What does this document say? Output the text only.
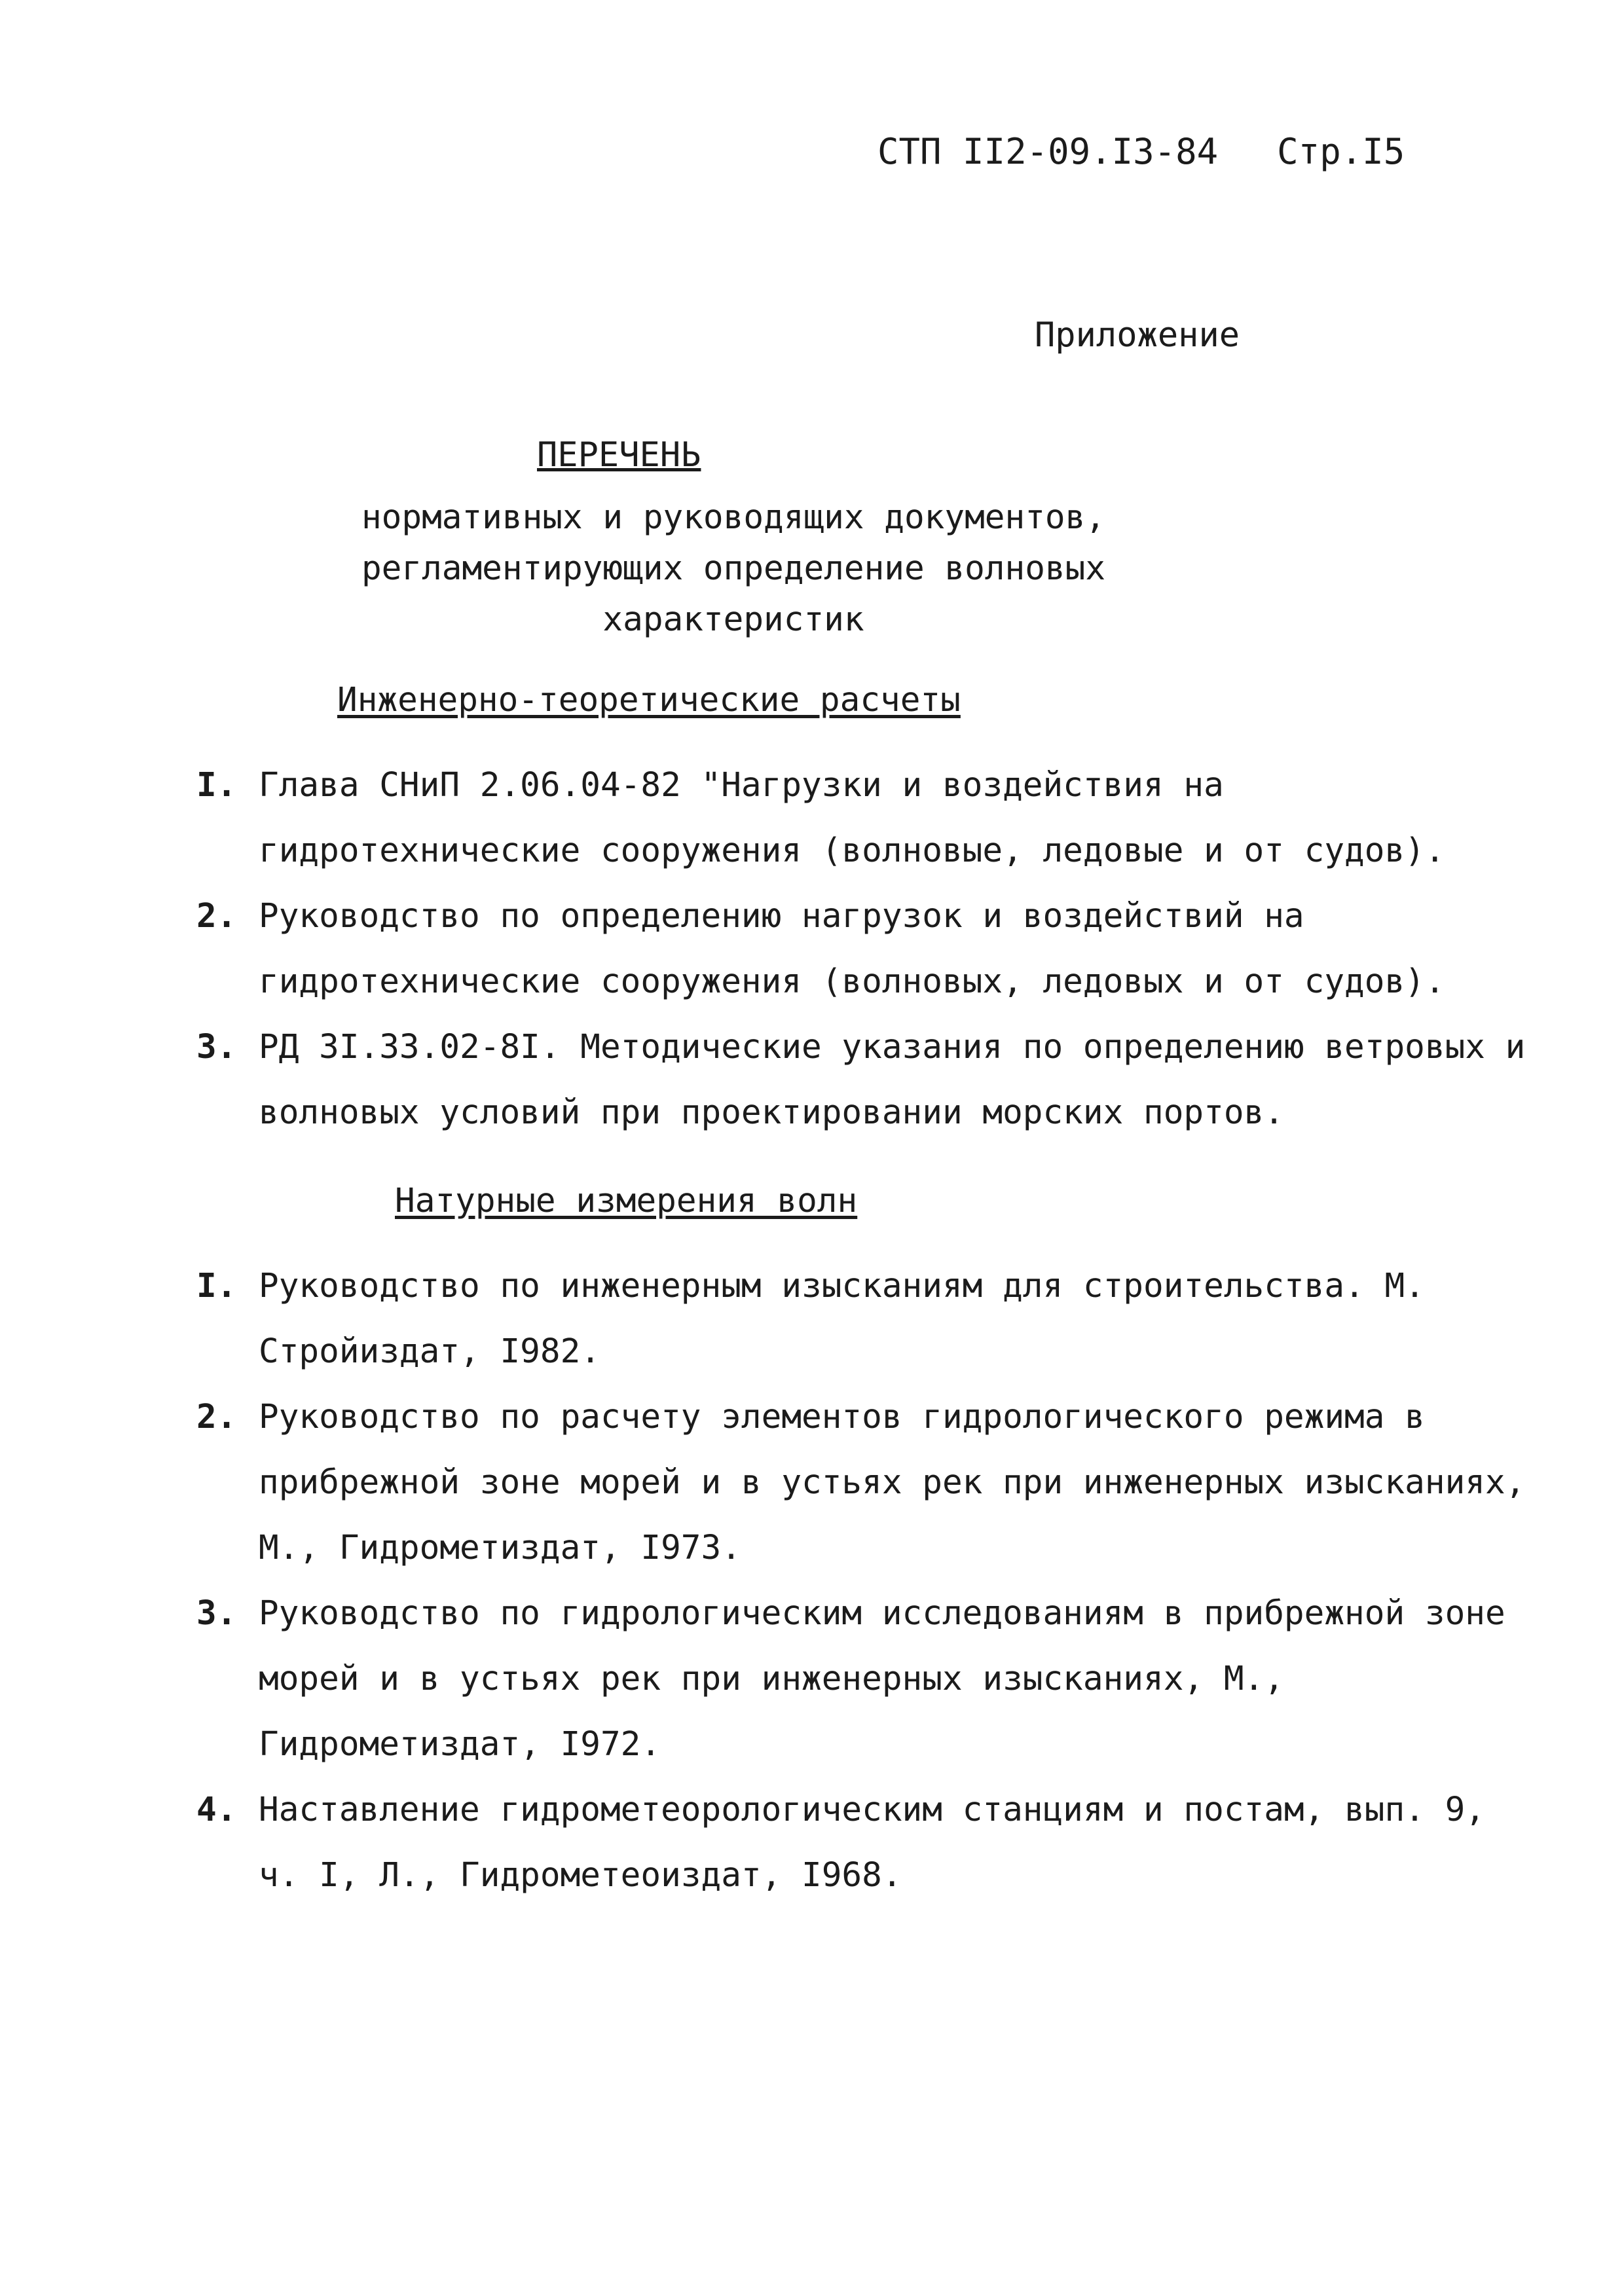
СТП II2-09.I3-84 Стр.I5
Приложение
ПЕРЕЧЕНЬ
нормативных и руководящих документов, регламентирующих определение волновых характеристик
Инженерно-теоретические расчеты
I. Глава СНиП 2.06.04-82 "Нагрузки и воздействия на гидротехнические сооружения (волновые, ледовые и от судов).
2. Руководство по определению нагрузок и воздействий на гидротехнические сооружения (волновых, ледовых и от судов).
3. РД 3I.33.02-8I. Методические указания по определению ветровых и волновых условий при проектировании морских портов.
Натурные измерения волн
I. Руководство по инженерным изысканиям для строительства. М. Стройиздат, I982.
2. Руководство по расчету элементов гидрологического режима в прибрежной зоне морей и в устьях рек при инженерных изысканиях, М., Гидрометиздат, I973.
3. Руководство по гидрологическим исследованиям в прибрежной зоне морей и в устьях рек при инженерных изысканиях, М., Гидрометиздат, I972.
4. Наставление гидрометеорологическим станциям и постам, вып. 9, ч. I, Л., Гидрометеоиздат, I968.
